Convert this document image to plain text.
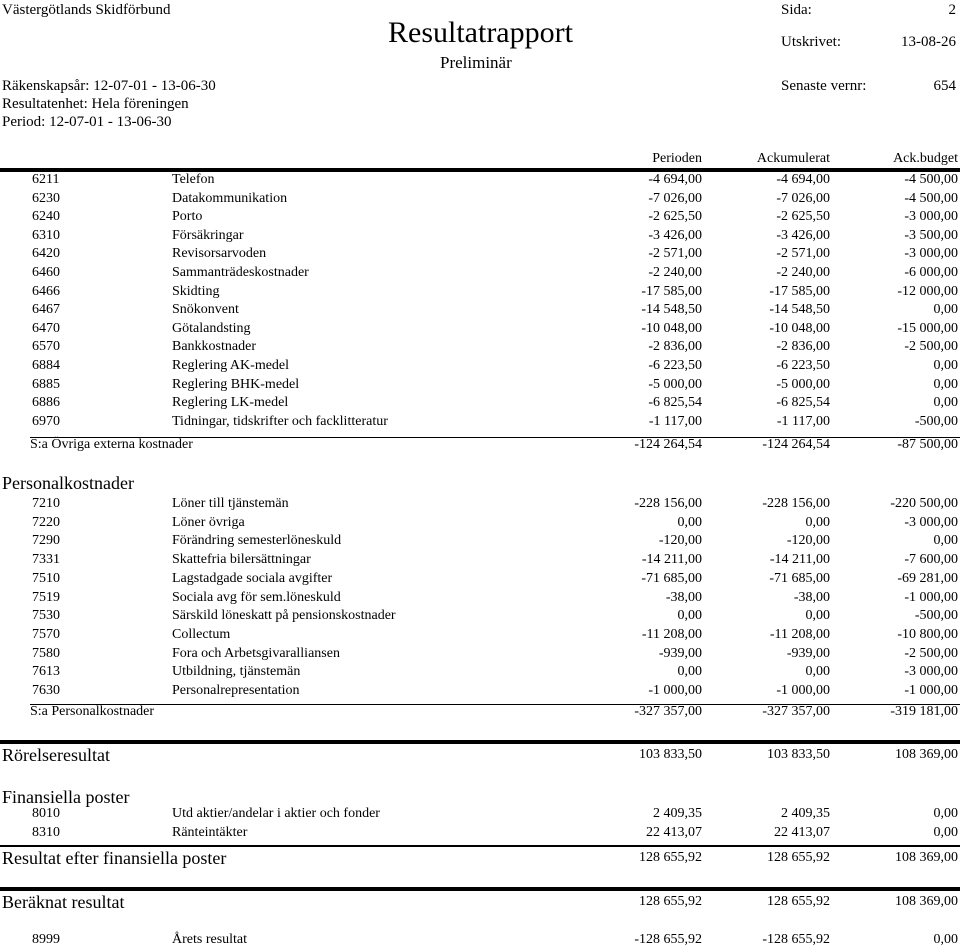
Västergötlands Skidförbund
Resultatrapport
Preliminär
Sida:	2
Utskrivet:	13-08-26
Senaste vernr:	654
Räkenskapsår: 12-07-01 - 13-06-30
Resultatenhet: Hela föreningen
Period: 12-07-01 - 13-06-30
Perioden	Ackumulerat	Ack.budget
6211	Telefon	-4 694,00	-4 694,00	-4 500,00
6230	Datakommunikation	-7 026,00	-7 026,00	-4 500,00
6240	Porto	-2 625,50	-2 625,50	-3 000,00
6310	Försäkringar	-3 426,00	-3 426,00	-3 500,00
6420	Revisorsarvoden	-2 571,00	-2 571,00	-3 000,00
6460	Sammanträdeskostnader	-2 240,00	-2 240,00	-6 000,00
6466	Skidting	-17 585,00	-17 585,00	-12 000,00
6467	Snökonvent	-14 548,50	-14 548,50	0,00
6470	Götalandsting	-10 048,00	-10 048,00	-15 000,00
6570	Bankkostnader	-2 836,00	-2 836,00	-2 500,00
6884	Reglering AK-medel	-6 223,50	-6 223,50	0,00
6885	Reglering BHK-medel	-5 000,00	-5 000,00	0,00
6886	Reglering LK-medel	-6 825,54	-6 825,54	0,00
6970	Tidningar, tidskrifter och facklitteratur	-1 117,00	-1 117,00	-500,00
S:a Övriga externa kostnader	-124 264,54	-124 264,54	-87 500,00
Personalkostnader
7210	Löner till tjänstemän	-228 156,00	-228 156,00	-220 500,00
7220	Löner övriga	0,00	0,00	-3 000,00
7290	Förändring semesterlöneskuld	-120,00	-120,00	0,00
7331	Skattefria bilersättningar	-14 211,00	-14 211,00	-7 600,00
7510	Lagstadgade sociala avgifter	-71 685,00	-71 685,00	-69 281,00
7519	Sociala avg för sem.löneskuld	-38,00	-38,00	-1 000,00
7530	Särskild löneskatt på pensionskostnader	0,00	0,00	-500,00
7570	Collectum	-11 208,00	-11 208,00	-10 800,00
7580	Fora och Arbetsgivaralliansen	-939,00	-939,00	-2 500,00
7613	Utbildning, tjänstemän	0,00	0,00	-3 000,00
7630	Personalrepresentation	-1 000,00	-1 000,00	-1 000,00
S:a Personalkostnader	-327 357,00	-327 357,00	-319 181,00
Rörelseresultat	103 833,50	103 833,50	108 369,00
Finansiella poster
8010	Utd aktier/andelar i aktier och fonder	2 409,35	2 409,35	0,00
8310	Ränteintäkter	22 413,07	22 413,07	0,00
Resultat efter finansiella poster	128 655,92	128 655,92	108 369,00
Beräknat resultat	128 655,92	128 655,92	108 369,00
8999	Årets resultat	-128 655,92	-128 655,92	0,00
